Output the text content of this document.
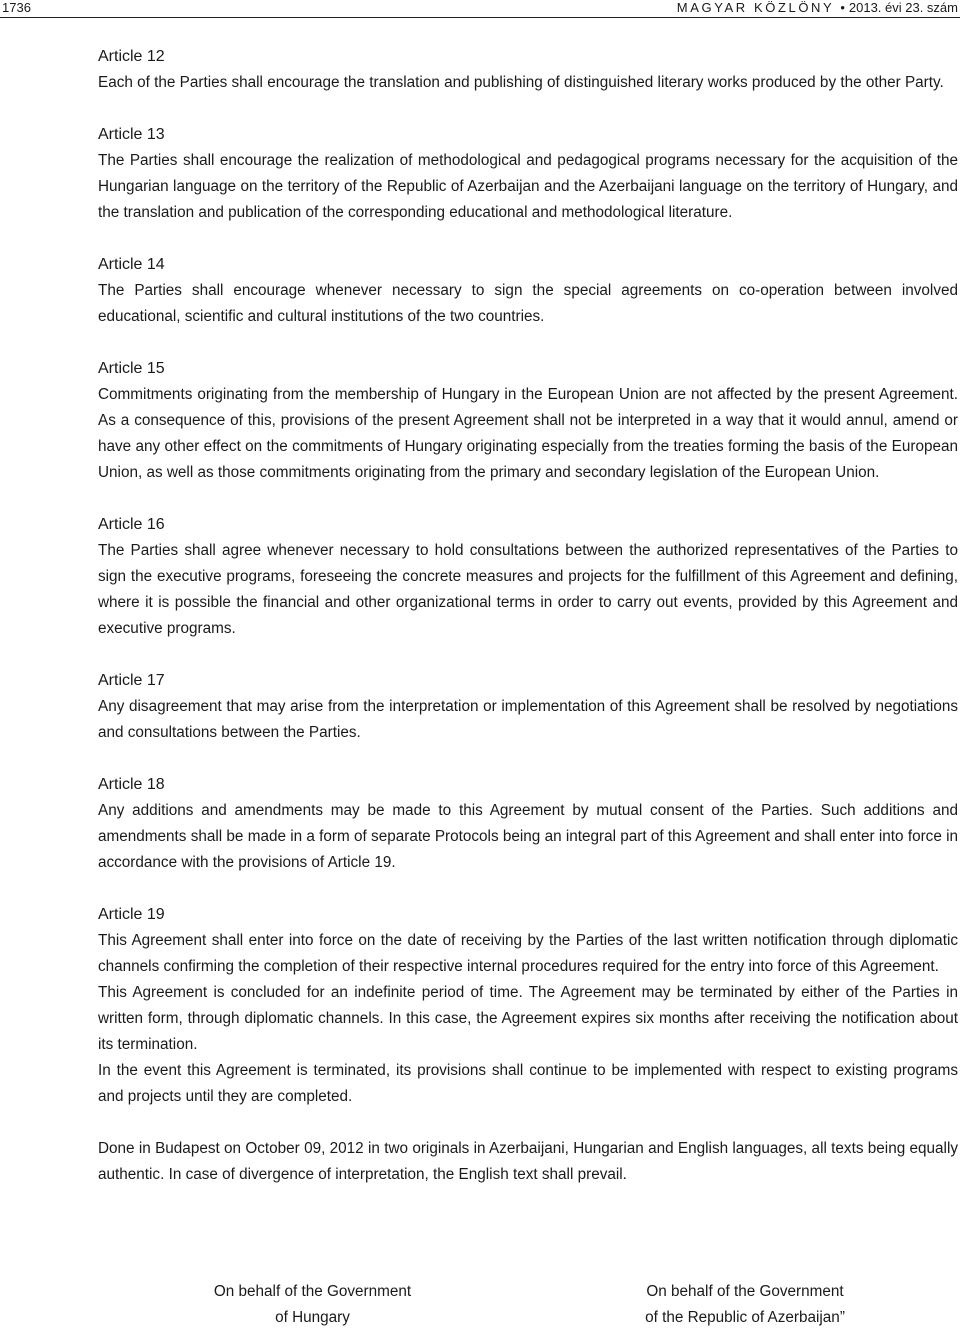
1736	MAGYAR KÖZLÖNY • 2013. évi 23. szám
Article 12

Each of the Parties shall encourage the translation and publishing of distinguished literary works produced by the other Party.

Article 13

The Parties shall encourage the realization of methodological and pedagogical programs necessary for the acquisition of the Hungarian language on the territory of the Republic of Azerbaijan and the Azerbaijani language on the territory of Hungary, and the translation and publication of the corresponding educational and methodological literature.

Article 14

The Parties shall encourage whenever necessary to sign the special agreements on co-operation between involved educational, scientific and cultural institutions of the two countries.

Article 15

Commitments originating from the membership of Hungary in the European Union are not affected by the present Agreement. As a consequence of this, provisions of the present Agreement shall not be interpreted in a way that it would annul, amend or have any other effect on the commitments of Hungary originating especially from the treaties forming the basis of the European Union, as well as those commitments originating from the primary and secondary legislation of the European Union.

Article 16

The Parties shall agree whenever necessary to hold consultations between the authorized representatives of the Parties to sign the executive programs, foreseeing the concrete measures and projects for the fulfillment of this Agreement and defining, where it is possible the financial and other organizational terms in order to carry out events, provided by this Agreement and executive programs.

Article 17

Any disagreement that may arise from the interpretation or implementation of this Agreement shall be resolved by negotiations and consultations between the Parties.

Article 18

Any additions and amendments may be made to this Agreement by mutual consent of the Parties. Such additions and amendments shall be made in a form of separate Protocols being an integral part of this Agreement and shall enter into force in accordance with the provisions of Article 19.

Article 19

This Agreement shall enter into force on the date of receiving by the Parties of the last written notification through diplomatic channels confirming the completion of their respective internal procedures required for the entry into force of this Agreement.

This Agreement is concluded for an indefinite period of time. The Agreement may be terminated by either of the Parties in written form, through diplomatic channels. In this case, the Agreement expires six months after receiving the notification about its termination.

In the event this Agreement is terminated, its provisions shall continue to be implemented with respect to existing programs and projects until they are completed.

Done in Budapest on October 09, 2012 in two originals in Azerbaijani, Hungarian and English languages, all texts being equally authentic. In case of divergence of interpretation, the English text shall prevail.

On behalf of the Government
of Hungary
On behalf of the Government
of the Republic of Azerbaijan”
